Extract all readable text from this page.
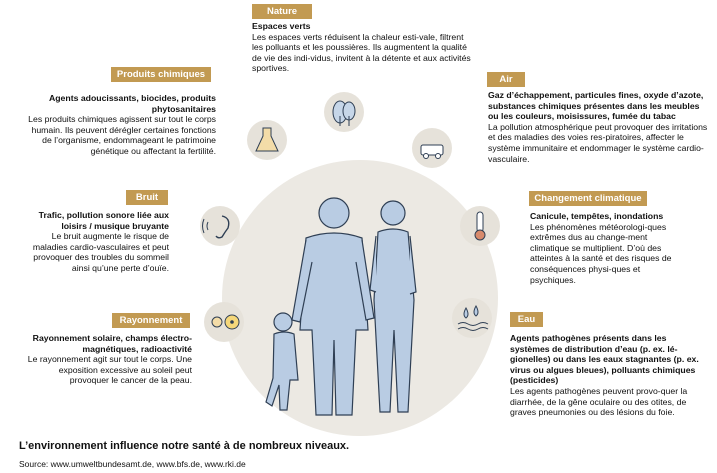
Nature
Produits chimiques	Air
Bruit	Changement climatique
Rayonnement	Eau
Espaces verts
Les espaces verts réduisent la chaleur esti-vale, filtrent les polluants et les poussières. Ils augmentent la qualité de vie des indi-vidus, invitent à la détente et aux activités sportives.
Agents adoucissants, biocides, produits phytosanitaires
Les produits chimiques agissent sur tout le corps humain. Ils peuvent dérégler certaines fonctions de l’organisme, endommageant le patrimoine génétique ou affectant la fertilité.
Gaz d’échappement, particules fines, oxyde d’azote, substances chimiques présentes dans les meubles ou les couleurs, moisissures, fumée du tabac
La pollution atmosphérique peut provoquer des irritations et des maladies des voies res-piratoires, affecter le système immunitaire et endommager le système cardio-vasculaire.
Trafic, pollution sonore liée aux loisirs / musique bruyante
Le bruit augmente le risque de maladies cardio-vasculaires et peut provoquer des troubles du sommeil ainsi qu’une perte d’ouïe.
Canicule, tempêtes, inondations
Les phénomènes météorologi-ques extrêmes dus au change-ment climatique se multiplient. D’où des atteintes à la santé et des risques de conséquences physi-ques et psychiques.
Rayonnement solaire, champs électro-magnétiques, radioactivité
Le rayonnement agit sur tout le corps. Une exposition excessive au soleil peut provoquer le cancer de la peau.
Agents pathogènes présents dans les systèmes de distribution d’eau (p. ex. lé-gionelles) ou dans les eaux stagnantes (p. ex. virus ou algues bleues), polluants chimiques (pesticides)
Les agents pathogènes peuvent provo-quer la diarrhée, de la gêne oculaire ou des otites, de graves pneumonies ou des lésions du foie.
L’environnement influence notre santé à de nombreux niveaux.
Source: www.umweltbundesamt.de, www.bfs.de, www.rki.de
